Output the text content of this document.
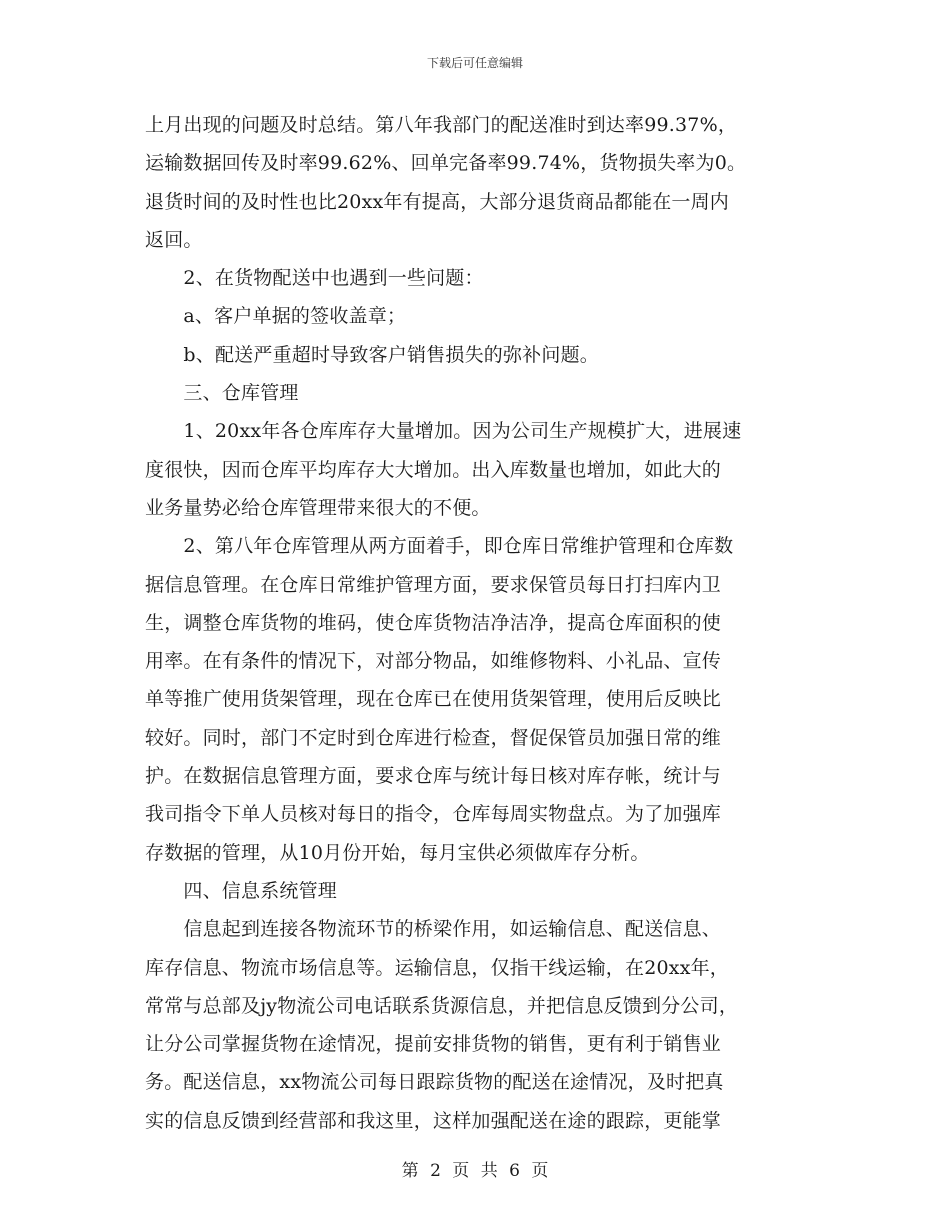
下载后可任意编辑
上月出现的问题及时总结。第八年我部门的配送准时到达率99.37%，
运输数据回传及时率99.62%、回单完备率99.74%，货物损失率为0。
退货时间的及时性也比20xx年有提高，大部分退货商品都能在一周内
返回。
　　2、在货物配送中也遇到一些问题：
　　a、客户单据的签收盖章；
　　b、配送严重超时导致客户销售损失的弥补问题。
　　三、仓库管理
　　1、20xx年各仓库库存大量增加。因为公司生产规模扩大，进展速
度很快，因而仓库平均库存大大增加。出入库数量也增加，如此大的
业务量势必给仓库管理带来很大的不便。
　　2、第八年仓库管理从两方面着手，即仓库日常维护管理和仓库数
据信息管理。在仓库日常维护管理方面，要求保管员每日打扫库内卫
生，调整仓库货物的堆码，使仓库货物洁净洁净，提高仓库面积的使
用率。在有条件的情况下，对部分物品，如维修物料、小礼品、宣传
单等推广使用货架管理，现在仓库已在使用货架管理，使用后反映比
较好。同时，部门不定时到仓库进行检查，督促保管员加强日常的维
护。在数据信息管理方面，要求仓库与统计每日核对库存帐，统计与
我司指令下单人员核对每日的指令，仓库每周实物盘点。为了加强库
存数据的管理，从10月份开始，每月宝供必须做库存分析。
　　四、信息系统管理
　　信息起到连接各物流环节的桥梁作用，如运输信息、配送信息、
库存信息、物流市场信息等。运输信息，仅指干线运输，在20xx年，
常常与总部及jy物流公司电话联系货源信息，并把信息反馈到分公司，
让分公司掌握货物在途情况，提前安排货物的销售，更有利于销售业
务。配送信息，xx物流公司每日跟踪货物的配送在途情况，及时把真
实的信息反馈到经营部和我这里，这样加强配送在途的跟踪，更能掌
第 2 页 共 6 页
